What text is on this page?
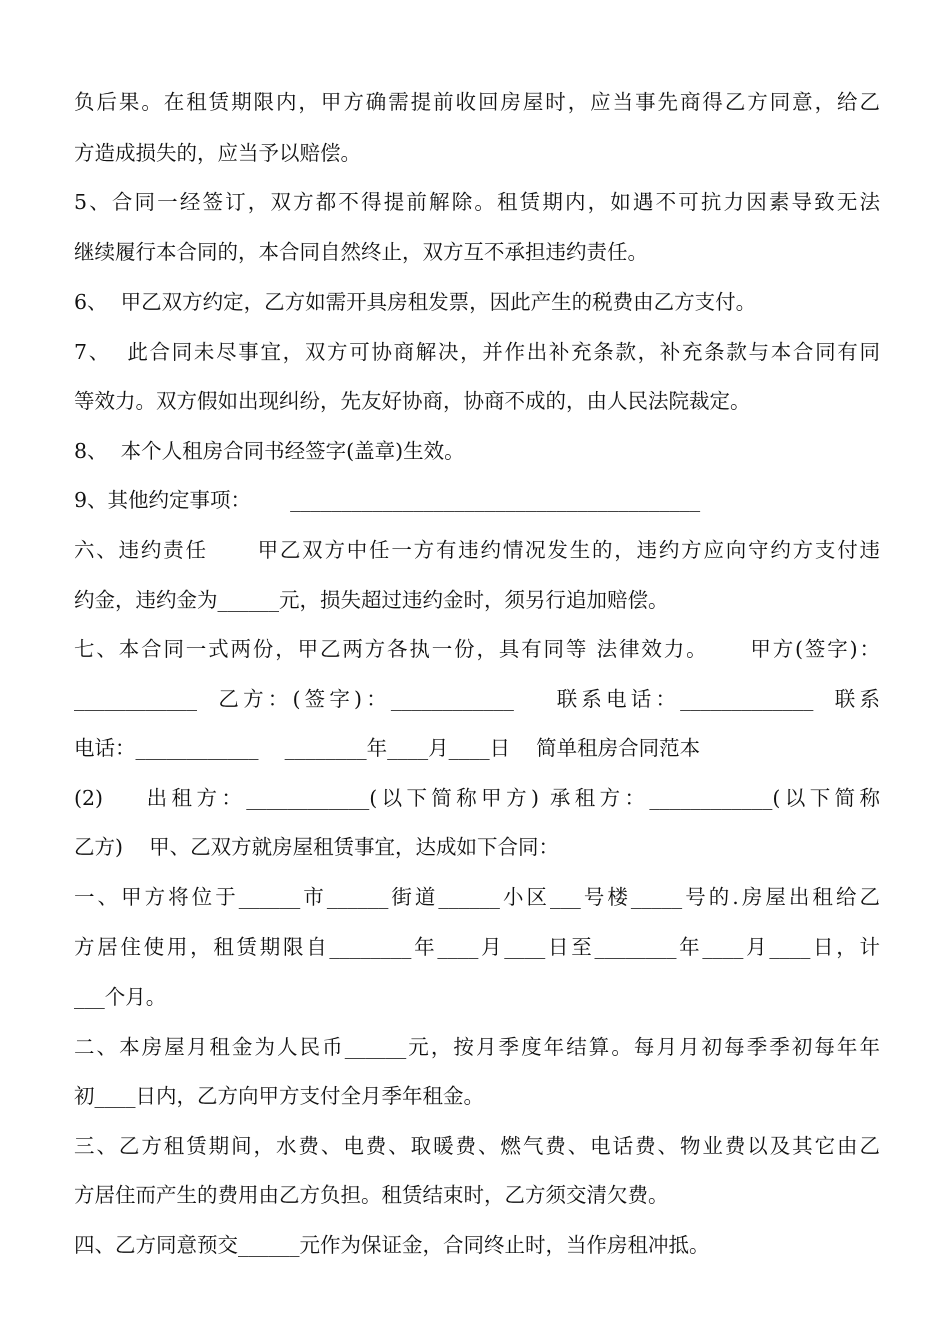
负后果。在租赁期限内，甲方确需提前收回房屋时，应当事先商得乙方同意，给乙
方造成损失的，应当予以赔偿。
5、合同一经签订，双方都不得提前解除。租赁期内，如遇不可抗力因素导致无法
继续履行本合同的，本合同自然终止，双方互不承担违约责任。
6、  甲乙双方约定，乙方如需开具房租发票，因此产生的税费由乙方支付。
7、  此合同未尽事宜，双方可协商解决，并作出补充条款，补充条款与本合同有同
等效力。双方假如出现纠纷，先友好协商，协商不成的，由人民法院裁定。
8、  本个人租房合同书经签字(盖章)生效。
9、其他约定事项：      ________________________________________
六、违约责任      甲乙双方中任一方有违约情况发生的，违约方应向守约方支付违
约金，违约金为______元，损失超过违约金时，须另行追加赔偿。
七、本合同一式两份，甲乙两方各执一份，具有同等 法律效力。     甲方(签字)：
____________  乙方：(签字)：____________    联系电话：_____________  联系
电话：____________    ________年____月____日    简单租房合同范本
(2)    出租方：____________(以下简称甲方) 承租方：____________(以下简称
乙方)    甲、乙双方就房屋租赁事宜，达成如下合同：
一、甲方将位于______市______街道______小区___号楼_____号的.房屋出租给乙
方居住使用，租赁期限自________年____月____日至________年____月____日，计
___个月。
二、本房屋月租金为人民币______元，按月季度年结算。每月月初每季季初每年年
初____日内，乙方向甲方支付全月季年租金。
三、乙方租赁期间，水费、电费、取暖费、燃气费、电话费、物业费以及其它由乙
方居住而产生的费用由乙方负担。租赁结束时，乙方须交清欠费。
四、乙方同意预交______元作为保证金，合同终止时，当作房租冲抵。
